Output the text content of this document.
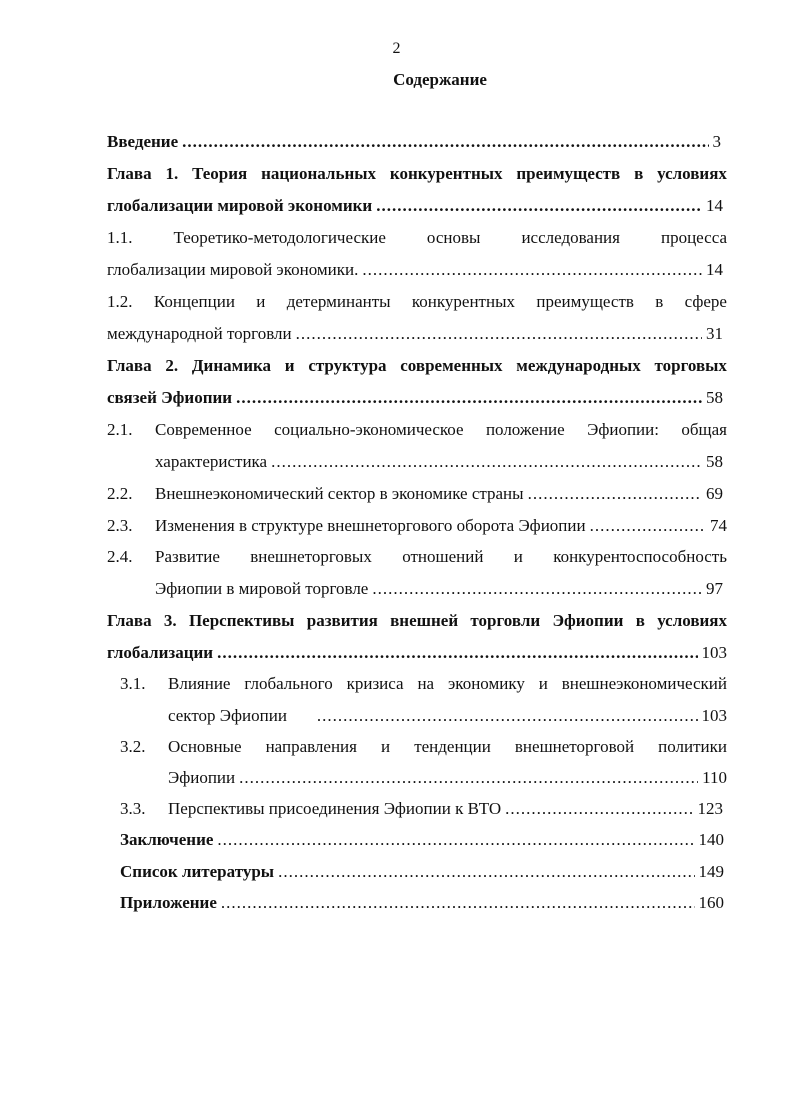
2
Содержание
Введение .....	3
Глава 1. Теория национальных конкурентных преимуществ в условиях
глобализации мировой экономики .....	14
1.1. Теоретико-методологические основы исследования процесса
глобализации мировой экономики. .....	14
1.2. Концепции и детерминанты конкурентных преимуществ в сфере
международной торговли .....	31
Глава 2. Динамика и структура современных международных торговых
связей Эфиопии .....	58
2.1. Современное социально-экономическое положение Эфиопии: общая
характеристика .....	58
2.2. Внешнеэкономический сектор в экономике страны .....	69
2.3. Изменения в структуре внешнеторгового оборота Эфиопии .....	74
2.4. Развитие внешнеторговых отношений и конкурентоспособность
Эфиопии в мировой торговле .....	97
Глава 3. Перспективы развития внешней торговли Эфиопии в условиях
глобализации .....	103
3.1. Влияние глобального кризиса на экономику и внешнеэкономический
сектор Эфиопии .....	103
3.2. Основные направления и тенденции внешнеторговой политики
Эфиопии .....	110
3.3. Перспективы присоединения Эфиопии к ВТО .....	123
Заключение .....	140
Список литературы .....	149
Приложение .....	160
